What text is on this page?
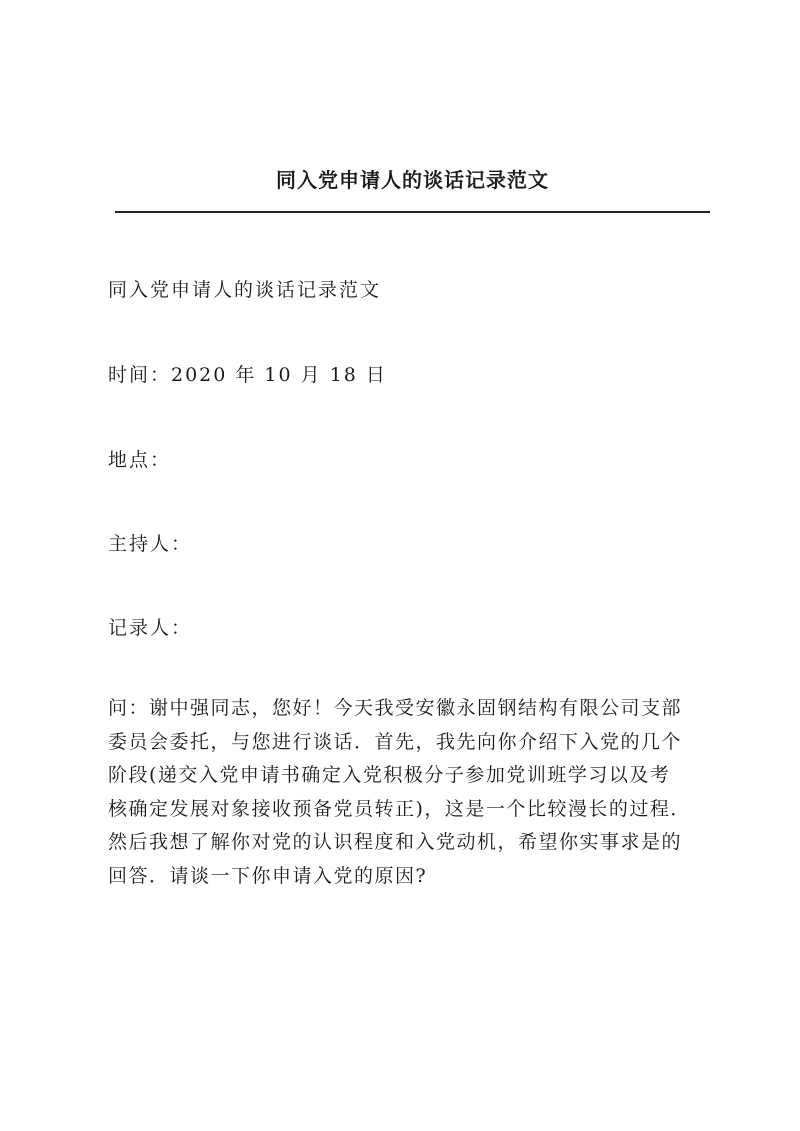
同入党申请人的谈话记录范文

同入党申请人的谈话记录范文

时间：2020 年 10 月 18 日

地点：

主持人：

记录人：

问：谢中强同志，您好！今天我受安徽永固钢结构有限公司支部
委员会委托，与您进行谈话．首先，我先向你介绍下入党的几个
阶段(递交入党申请书确定入党积极分子参加党训班学习以及考
核确定发展对象接收预备党员转正)，这是一个比较漫长的过程．
然后我想了解你对党的认识程度和入党动机，希望你实事求是的
回答．请谈一下你申请入党的原因?
